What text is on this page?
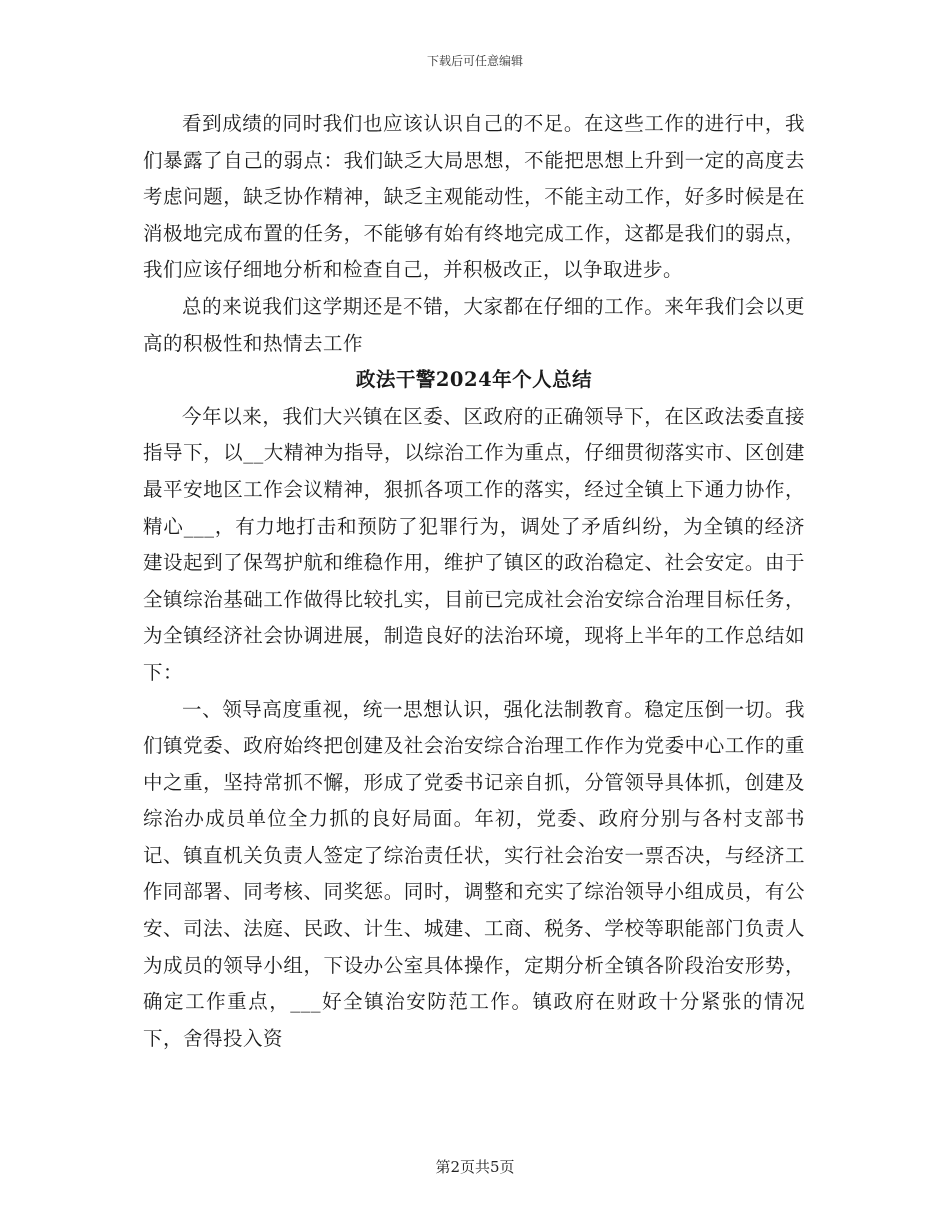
下载后可任意编辑

看到成绩的同时我们也应该认识自己的不足。在这些工作的进行中，我们暴露了自己的弱点：我们缺乏大局思想，不能把思想上升到一定的高度去考虑问题，缺乏协作精神，缺乏主观能动性，不能主动工作，好多时候是在消极地完成布置的任务，不能够有始有终地完成工作，这都是我们的弱点，我们应该仔细地分析和检查自己，并积极改正，以争取进步。

总的来说我们这学期还是不错，大家都在仔细的工作。来年我们会以更高的积极性和热情去工作

政法干警2024年个人总结

今年以来，我们大兴镇在区委、区政府的正确领导下，在区政法委直接指导下，以__大精神为指导，以综治工作为重点，仔细贯彻落实市、区创建最平安地区工作会议精神，狠抓各项工作的落实，经过全镇上下通力协作，精心___，有力地打击和预防了犯罪行为，调处了矛盾纠纷，为全镇的经济建设起到了保驾护航和维稳作用，维护了镇区的政治稳定、社会安定。由于全镇综治基础工作做得比较扎实，目前已完成社会治安综合治理目标任务，为全镇经济社会协调进展，制造良好的法治环境，现将上半年的工作总结如下：

一、领导高度重视，统一思想认识，强化法制教育。稳定压倒一切。我们镇党委、政府始终把创建及社会治安综合治理工作作为党委中心工作的重中之重，坚持常抓不懈，形成了党委书记亲自抓，分管领导具体抓，创建及综治办成员单位全力抓的良好局面。年初，党委、政府分别与各村支部书记、镇直机关负责人签定了综治责任状，实行社会治安一票否决，与经济工作同部署、同考核、同奖惩。同时，调整和充实了综治领导小组成员，有公安、司法、法庭、民政、计生、城建、工商、税务、学校等职能部门负责人为成员的领导小组，下设办公室具体操作，定期分析全镇各阶段治安形势，确定工作重点，___好全镇治安防范工作。镇政府在财政十分紧张的情况下，舍得投入资

第2页共5页
